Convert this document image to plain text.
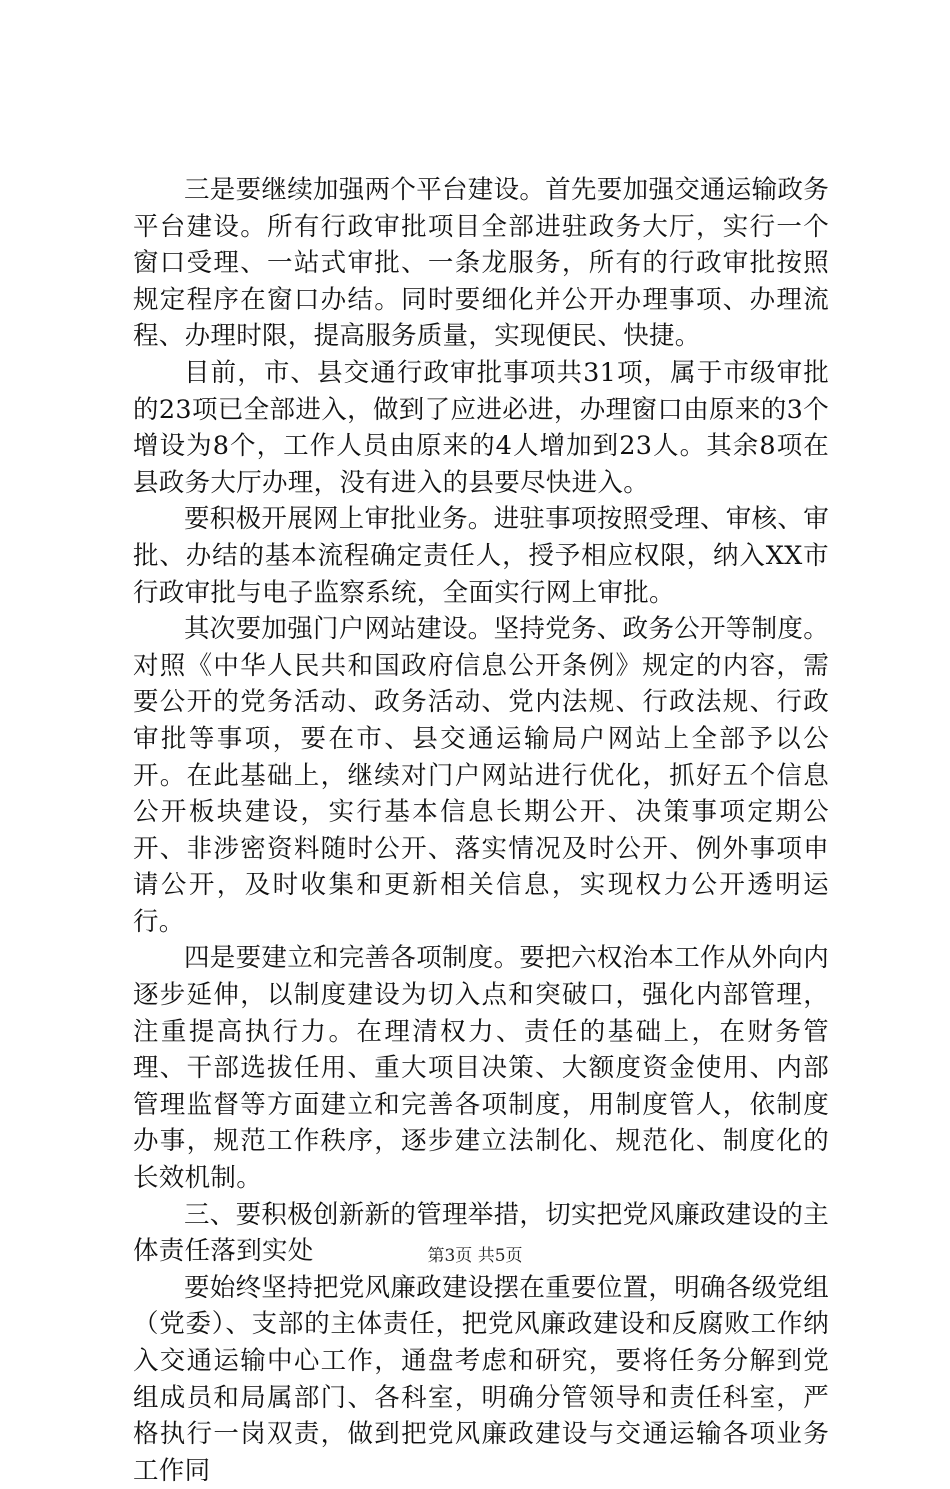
三是要继续加强两个平台建设。首先要加强交通运输政务平台建设。所有行政审批项目全部进驻政务大厅，实行一个窗口受理、一站式审批、一条龙服务，所有的行政审批按照规定程序在窗口办结。同时要细化并公开办理事项、办理流程、办理时限，提高服务质量，实现便民、快捷。

目前，市、县交通行政审批事项共31项，属于市级审批的23项已全部进入，做到了应进必进，办理窗口由原来的3个增设为8个，工作人员由原来的4人增加到23人。其余8项在县政务大厅办理，没有进入的县要尽快进入。

要积极开展网上审批业务。进驻事项按照受理、审核、审批、办结的基本流程确定责任人，授予相应权限，纳入XX市行政审批与电子监察系统，全面实行网上审批。

其次要加强门户网站建设。坚持党务、政务公开等制度。对照《中华人民共和国政府信息公开条例》规定的内容，需要公开的党务活动、政务活动、党内法规、行政法规、行政审批等事项，要在市、县交通运输局户网站上全部予以公开。在此基础上，继续对门户网站进行优化，抓好五个信息公开板块建设，实行基本信息长期公开、决策事项定期公开、非涉密资料随时公开、落实情况及时公开、例外事项申请公开，及时收集和更新相关信息，实现权力公开透明运行。

四是要建立和完善各项制度。要把六权治本工作从外向内逐步延伸，以制度建设为切入点和突破口，强化内部管理，注重提高执行力。在理清权力、责任的基础上，在财务管理、干部选拔任用、重大项目决策、大额度资金使用、内部管理监督等方面建立和完善各项制度，用制度管人，依制度办事，规范工作秩序，逐步建立法制化、规范化、制度化的长效机制。

三、要积极创新新的管理举措，切实把党风廉政建设的主体责任落到实处

要始终坚持把党风廉政建设摆在重要位置，明确各级党组（党委）、支部的主体责任，把党风廉政建设和反腐败工作纳入交通运输中心工作，通盘考虑和研究，要将任务分解到党组成员和局属部门、各科室，明确分管领导和责任科室，严格执行一岗双责，做到把党风廉政建设与交通运输各项业务工作同

第3页 共5页
